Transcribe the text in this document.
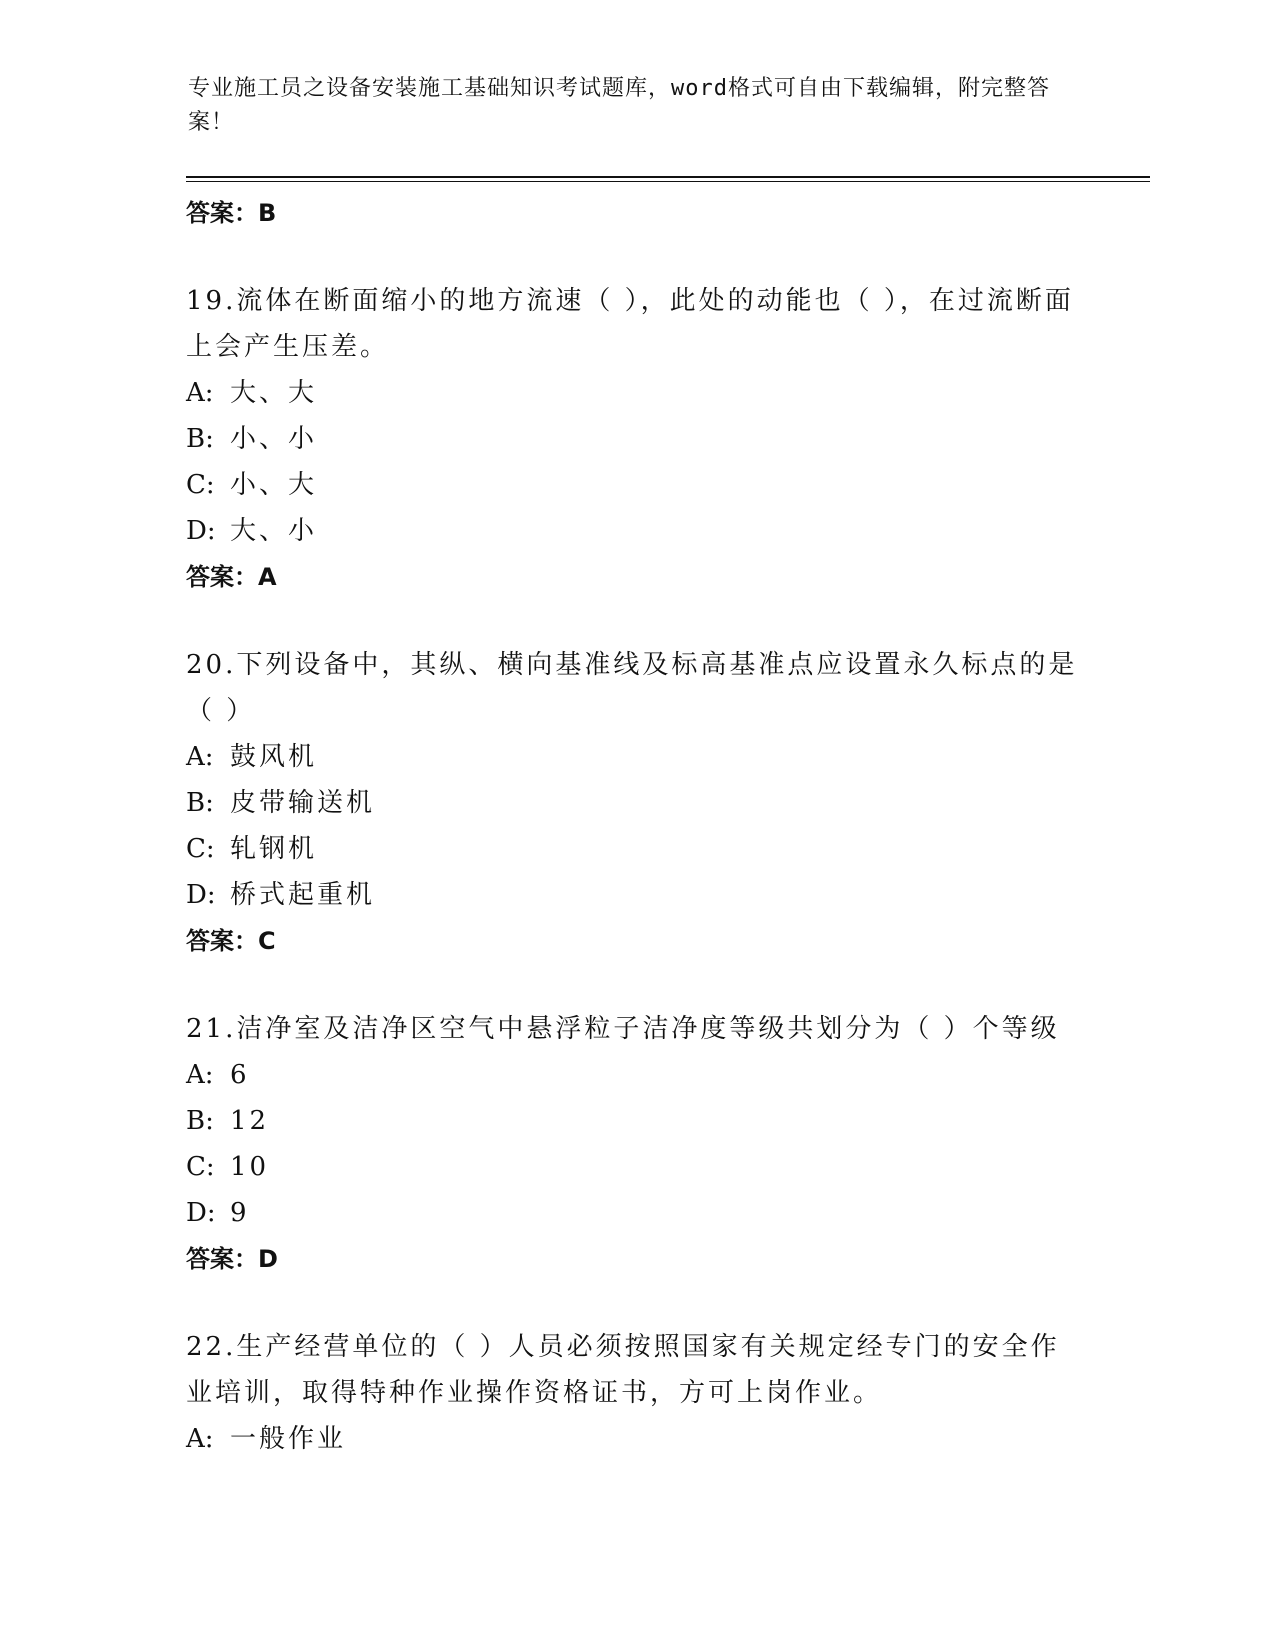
专业施工员之设备安装施工基础知识考试题库，word格式可自由下载编辑，附完整答案！
答案：B
19.流体在断面缩小的地方流速（ ），此处的动能也（ ），在过流断面上会产生压差。
A: 大、大
B: 小、小
C: 小、大
D: 大、小
答案：A
20.下列设备中，其纵、横向基准线及标高基准点应设置永久标点的是（ ）
A: 鼓风机
B: 皮带输送机
C: 轧钢机
D: 桥式起重机
答案：C
21.洁净室及洁净区空气中悬浮粒子洁净度等级共划分为（ ）个等级
A: 6
B: 12
C: 10
D: 9
答案：D
22.生产经营单位的（ ）人员必须按照国家有关规定经专门的安全作业培训，取得特种作业操作资格证书，方可上岗作业。
A: 一般作业
